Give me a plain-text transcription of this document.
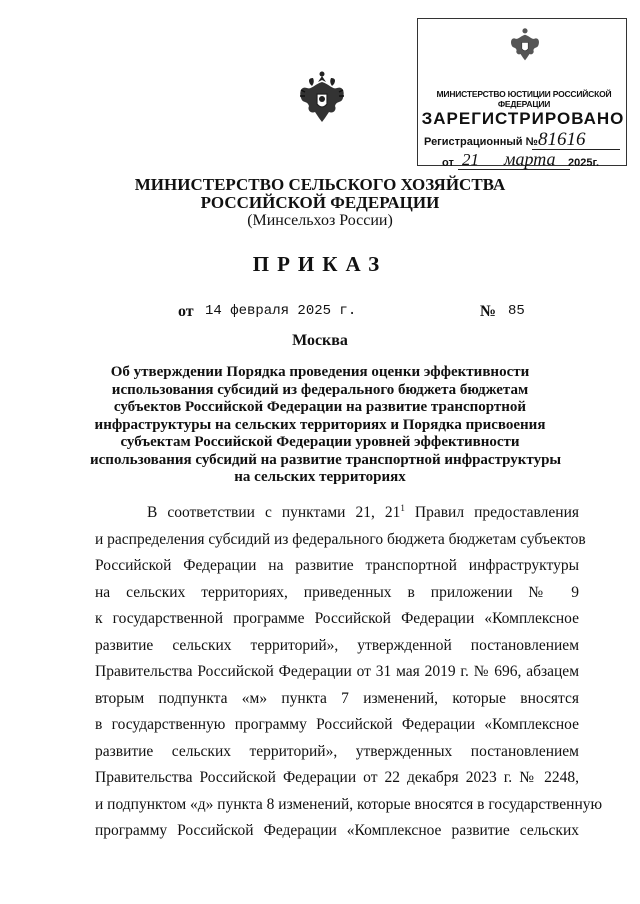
МИНИСТЕРСТВО ЮСТИЦИИ РОССИЙСКОЙ ФЕДЕРАЦИИ
ЗАРЕГИСТРИРОВАНО
Регистрационный № 81616
от 21 марта 2025г.
МИНИСТЕРСТВО СЕЛЬСКОГО ХОЗЯЙСТВА
РОССИЙСКОЙ ФЕДЕРАЦИИ
(Минсельхоз России)
ПРИКАЗ
от 14 февраля 2025 г.	№ 85
Москва
Об утверждении Порядка проведения оценки эффективности
использования субсидий из федерального бюджета бюджетам
субъектов Российской Федерации на развитие транспортной
инфраструктуры на сельских территориях и Порядка присвоения
субъектам Российской Федерации уровней эффективности
использования субсидий на развитие транспортной инфраструктуры
на сельских территориях
В соответствии с пунктами 21, $21^1$ Правил предоставления
и распределения субсидий из федерального бюджета бюджетам субъектов
Российской Федерации на развитие транспортной инфраструктуры
на сельских территориях, приведенных в приложении № 9
к государственной программе Российской Федерации «Комплексное
развитие сельских территорий», утвержденной постановлением
Правительства Российской Федерации от 31 мая 2019 г. № 696, абзацем
вторым подпункта «м» пункта 7 изменений, которые вносятся
в государственную программу Российской Федерации «Комплексное
развитие сельских территорий», утвержденных постановлением
Правительства Российской Федерации от 22 декабря 2023 г. № 2248,
и подпунктом «д» пункта 8 изменений, которые вносятся в государственную
программу Российской Федерации «Комплексное развитие сельских
